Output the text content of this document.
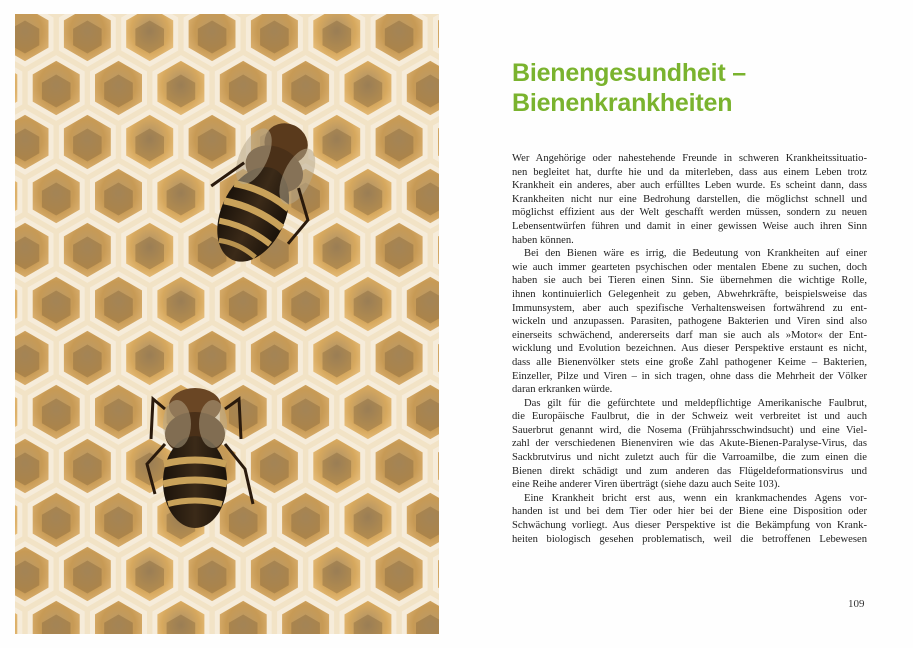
Bienengesundheit –
Bienenkrankheiten
Wer Angehörige oder nahestehende Freunde in schweren Krankheitssituatio-
nen begleitet hat, durfte hie und da miterleben, dass aus einem Leben trotz
Krankheit ein anderes, aber auch erfülltes Leben wurde. Es scheint dann, dass
Krankheiten nicht nur eine Bedrohung darstellen, die möglichst schnell und
möglichst effizient aus der Welt geschafft werden müssen, sondern zu neuen
Lebensentwürfen führen und damit in einer gewissen Weise auch ihren Sinn
haben können.
Bei den Bienen wäre es irrig, die Bedeutung von Krankheiten auf einer
wie auch immer gearteten psychischen oder mentalen Ebene zu suchen, doch
haben sie auch bei Tieren einen Sinn. Sie übernehmen die wichtige Rolle,
ihnen kontinuierlich Gelegenheit zu geben, Abwehrkräfte, beispielsweise das
Immunsystem, aber auch spezifische Verhaltensweisen fortwährend zu ent-
wickeln und anzupassen. Parasiten, pathogene Bakterien und Viren sind also
einerseits schwächend, andererseits darf man sie auch als »Motor« der Ent-
wicklung und Evolution bezeichnen. Aus dieser Perspektive erstaunt es nicht,
dass alle Bienenvölker stets eine große Zahl pathogener Keime – Bakterien,
Einzeller, Pilze und Viren – in sich tragen, ohne dass die Mehrheit der Völker
daran erkranken würde.
Das gilt für die gefürchtete und meldepflichtige Amerikanische Faulbrut,
die Europäische Faulbrut, die in der Schweiz weit verbreitet ist und auch
Sauerbrut genannt wird, die Nosema (Frühjahrsschwindsucht) und eine Viel-
zahl der verschiedenen Bienenviren wie das Akute-Bienen-Paralyse-Virus, das
Sackbrutvirus und nicht zuletzt auch für die Varroamilbe, die zum einen die
Bienen direkt schädigt und zum anderen das Flügeldeformationsvirus und
eine Reihe anderer Viren überträgt (siehe dazu auch Seite 103).
Eine Krankheit bricht erst aus, wenn ein krankmachendes Agens vor-
handen ist und bei dem Tier oder hier bei der Biene eine Disposition oder
Schwächung vorliegt. Aus dieser Perspektive ist die Bekämpfung von Krank-
heiten biologisch gesehen problematisch, weil die betroffenen Lebewesen
109
